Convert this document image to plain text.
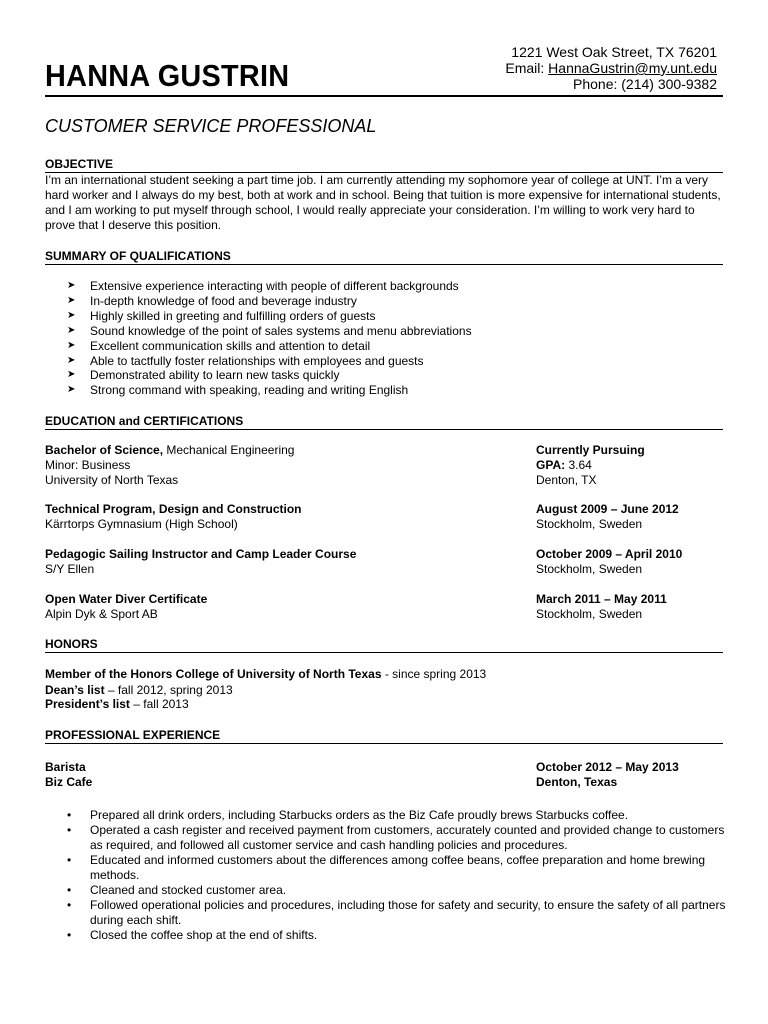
HANNA GUSTRIN
1221 West Oak Street, TX 76201
Email: HannaGustrin@my.unt.edu
Phone: (214) 300-9382
CUSTOMER SERVICE PROFESSIONAL
OBJECTIVE
I’m an international student seeking a part time job. I am currently attending my sophomore year of college at UNT. I’m a very hard worker and I always do my best, both at work and in school. Being that tuition is more expensive for international students, and I am working to put myself through school, I would really appreciate your consideration. I’m willing to work very hard to prove that I deserve this position.
SUMMARY OF QUALIFICATIONS
➤ Extensive experience interacting with people of different backgrounds
➤ In-depth knowledge of food and beverage industry
➤ Highly skilled in greeting and fulfilling orders of guests
➤ Sound knowledge of the point of sales systems and menu abbreviations
➤ Excellent communication skills and attention to detail
➤ Able to tactfully foster relationships with employees and guests
➤ Demonstrated ability to learn new tasks quickly
➤ Strong command with speaking, reading and writing English
EDUCATION and CERTIFICATIONS
Bachelor of Science, Mechanical Engineering
Minor: Business
University of North Texas
Currently Pursuing
GPA: 3.64
Denton, TX
Technical Program, Design and Construction
Kärrtorps Gymnasium (High School)
August 2009 – June 2012
Stockholm, Sweden
Pedagogic Sailing Instructor and Camp Leader Course
S/Y Ellen
October 2009 – April 2010
Stockholm, Sweden
Open Water Diver Certificate
Alpin Dyk & Sport AB
March 2011 – May 2011
Stockholm, Sweden
HONORS
Member of the Honors College of University of North Texas - since spring 2013
Dean’s list – fall 2012, spring 2013
President’s list – fall 2013
PROFESSIONAL EXPERIENCE
Barista
Biz Cafe
October 2012 – May 2013
Denton, Texas
• Prepared all drink orders, including Starbucks orders as the Biz Cafe proudly brews Starbucks coffee.
• Operated a cash register and received payment from customers, accurately counted and provided change to customers as required, and followed all customer service and cash handling policies and procedures.
• Educated and informed customers about the differences among coffee beans, coffee preparation and home brewing methods.
• Cleaned and stocked customer area.
• Followed operational policies and procedures, including those for safety and security, to ensure the safety of all partners during each shift.
• Closed the coffee shop at the end of shifts.
